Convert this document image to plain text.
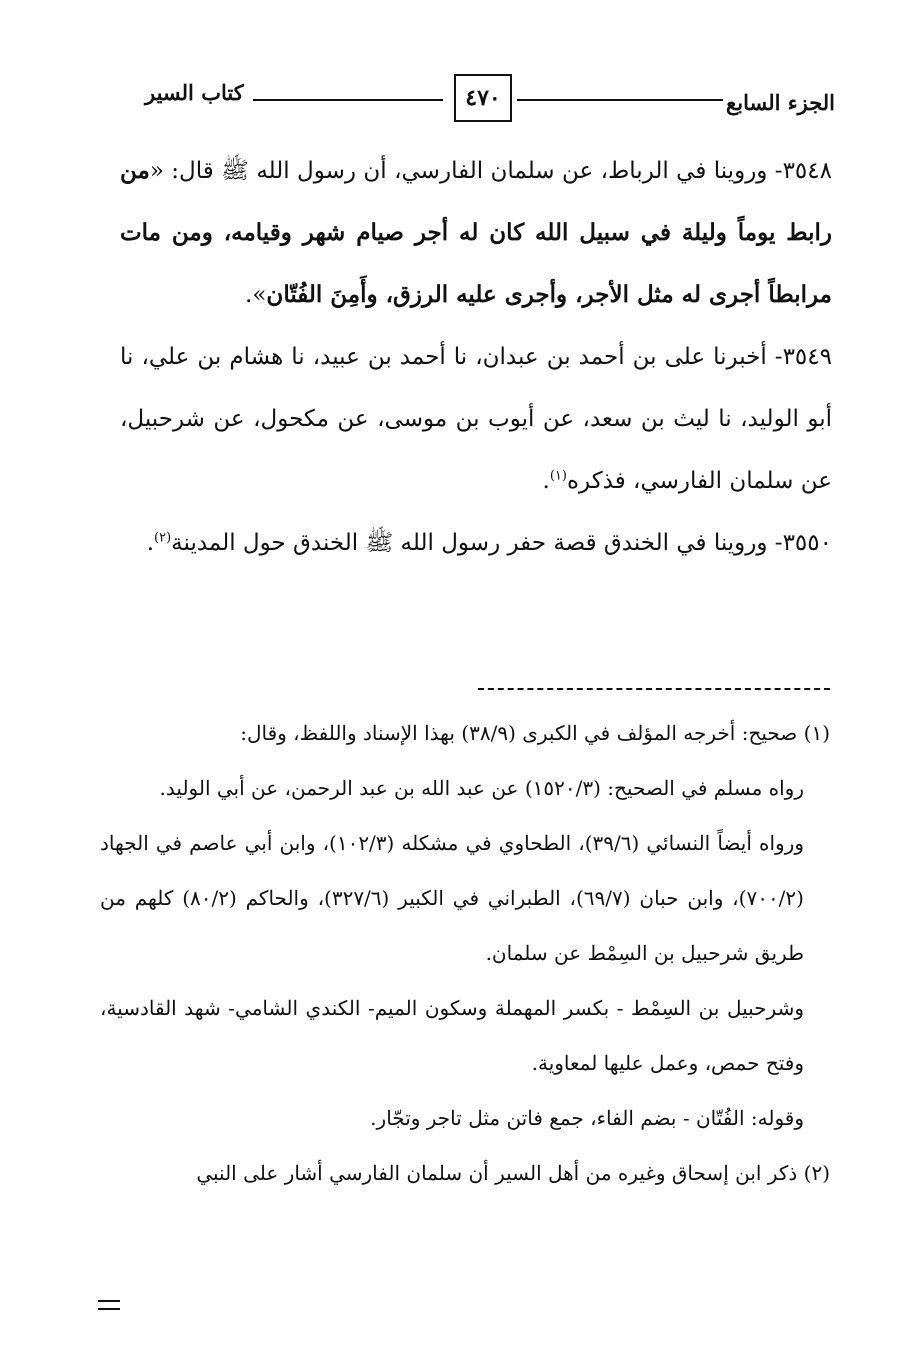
كتاب السير	٤٧٠	الجزء السابع

٣٥٤٨- وروينا في الرباط، عن سلمان الفارسي، أن رسول الله ﷺ قال: «من رابط يوماً وليلة في سبيل الله كان له أجر صيام شهر وقيامه، ومن مات مرابطاً أجرى له مثل الأجر، وأجرى عليه الرزق، وأَمِنَ الفُتّان».

٣٥٤٩- أخبرنا على بن أحمد بن عبدان، نا أحمد بن عبيد، نا هشام بن علي، نا أبو الوليد، نا ليث بن سعد، عن أيوب بن موسى، عن مكحول، عن شرحبيل، عن سلمان الفارسي، فذكره$^{(١)}$.

٣٥٥٠- وروينا في الخندق قصة حفر رسول الله ﷺ الخندق حول المدينة$^{(٢)}$.

(١) صحيح: أخرجه المؤلف في الكبرى (٣٨/٩) بهذا الإسناد واللفظ، وقال:

رواه مسلم في الصحيح: (١٥٢٠/٣) عن عبد الله بن عبد الرحمن، عن أبي الوليد.

ورواه أيضاً النسائي (٣٩/٦)، الطحاوي في مشكله (١٠٢/٣)، وابن أبي عاصم في الجهاد (٧٠٠/٢)، وابن حبان (٦٩/٧)، الطبراني في الكبير (٣٢٧/٦)، والحاكم (٨٠/٢) كلهم من طريق شرحبيل بن السِمْط عن سلمان.

وشرحبيل بن السِمْط - بكسر المهملة وسكون الميم- الكندي الشامي- شهد القادسية، وفتح حمص، وعمل عليها لمعاوية.

وقوله: الفُتّان - بضم الفاء، جمع فاتن مثل تاجر وتجّار.

(٢) ذكر ابن إسحاق وغيره من أهل السير أن سلمان الفارسي أشار على النبي
